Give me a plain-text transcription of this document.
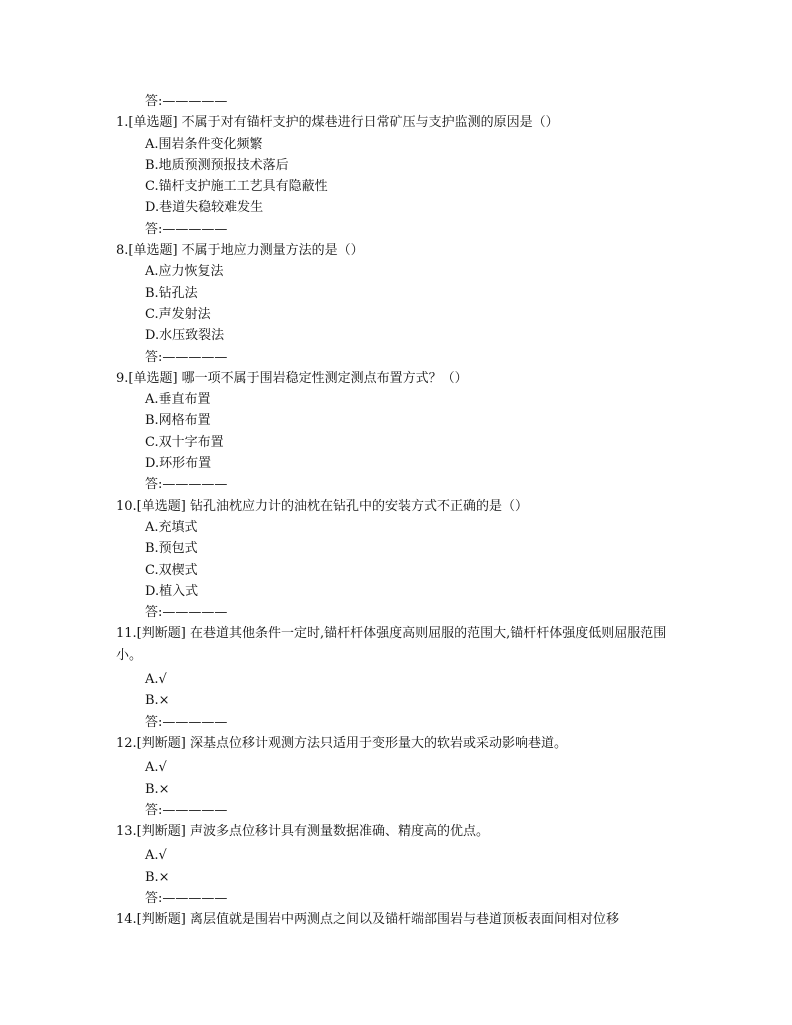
答:—————
1.[单选题] 不属于对有锚杆支护的煤巷进行日常矿压与支护监测的原因是（）
A.围岩条件变化频繁
B.地质预测预报技术落后
C.锚杆支护施工工艺具有隐蔽性
D.巷道失稳较难发生
答:—————
8.[单选题] 不属于地应力测量方法的是（）
A.应力恢复法
B.钻孔法
C.声发射法
D.水压致裂法
答:—————
9.[单选题] 哪一项不属于围岩稳定性测定测点布置方式？（）
A.垂直布置
B.网格布置
C.双十字布置
D.环形布置
答:—————
10.[单选题] 钻孔油枕应力计的油枕在钻孔中的安装方式不正确的是（）
A.充填式
B.预包式
C.双楔式
D.植入式
答:—————
11.[判断题] 在巷道其他条件一定时,锚杆杆体强度高则屈服的范围大,锚杆杆体强度低则屈服范围小。
A.√
B.×
答:—————
12.[判断题] 深基点位移计观测方法只适用于变形量大的软岩或采动影响巷道。
A.√
B.×
答:—————
13.[判断题] 声波多点位移计具有测量数据准确、精度高的优点。
A.√
B.×
答:—————
14.[判断题] 离层值就是围岩中两测点之间以及锚杆端部围岩与巷道顶板表面间相对位移
